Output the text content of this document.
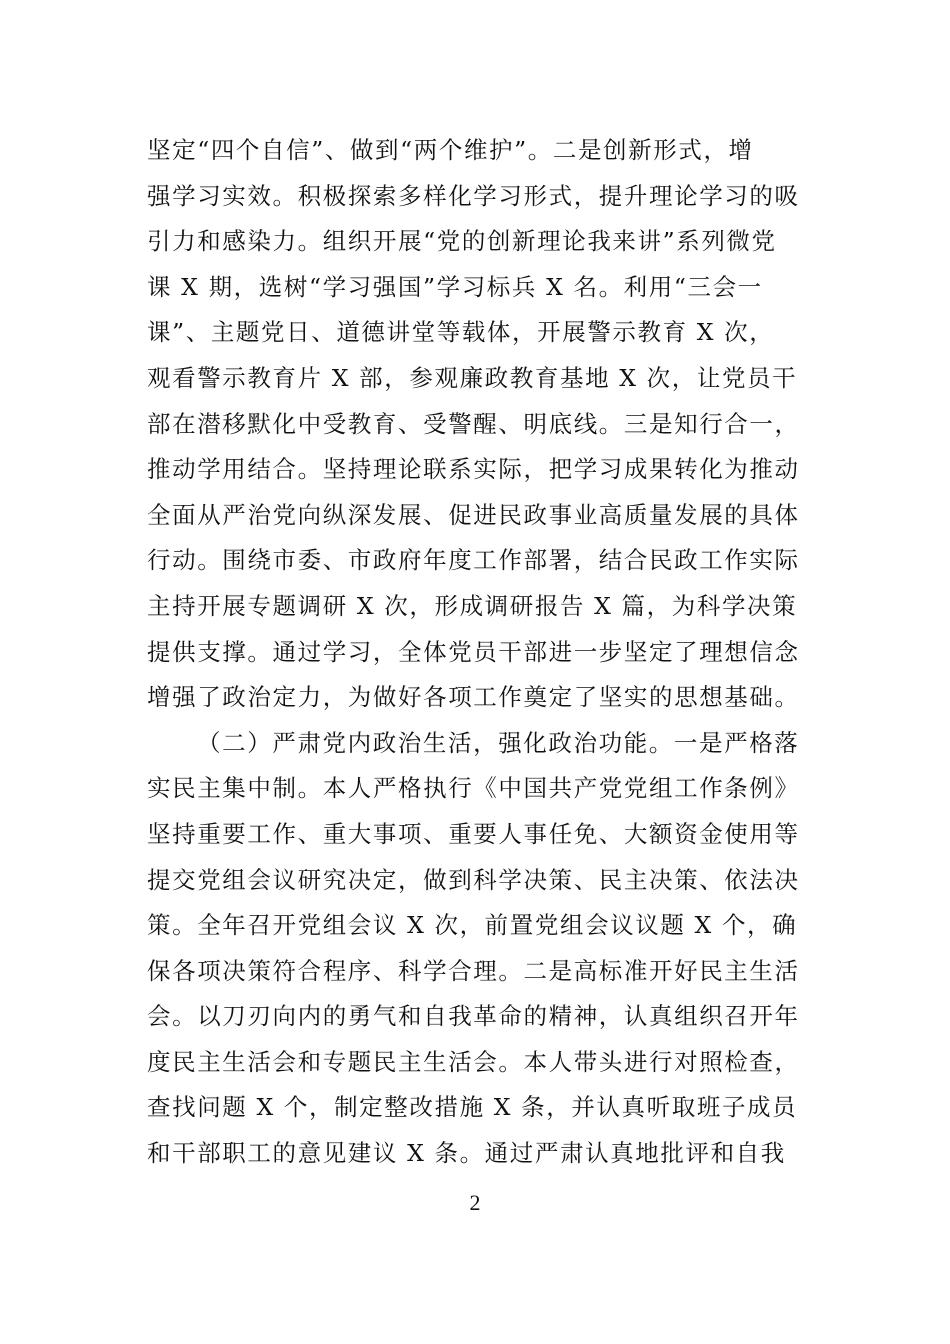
坚定“四个自信”、做到“两个维护”。二是创新形式，增
强学习实效。积极探索多样化学习形式，提升理论学习的吸
引力和感染力。组织开展“党的创新理论我来讲”系列微党
课 X 期，选树“学习强国”学习标兵 X 名。利用“三会一
课”、主题党日、道德讲堂等载体，开展警示教育 X 次，
观看警示教育片 X 部，参观廉政教育基地 X 次，让党员干
部在潜移默化中受教育、受警醒、明底线。三是知行合一，
推动学用结合。坚持理论联系实际，把学习成果转化为推动
全面从严治党向纵深发展、促进民政事业高质量发展的具体
行动。围绕市委、市政府年度工作部署，结合民政工作实际
主持开展专题调研 X 次，形成调研报告 X 篇，为科学决策
提供支撑。通过学习，全体党员干部进一步坚定了理想信念
增强了政治定力，为做好各项工作奠定了坚实的思想基础。
（二）严肃党内政治生活，强化政治功能。一是严格落
实民主集中制。本人严格执行《中国共产党党组工作条例》
坚持重要工作、重大事项、重要人事任免、大额资金使用等
提交党组会议研究决定，做到科学决策、民主决策、依法决
策。全年召开党组会议 X 次，前置党组会议议题 X 个，确
保各项决策符合程序、科学合理。二是高标准开好民主生活
会。以刀刃向内的勇气和自我革命的精神，认真组织召开年
度民主生活会和专题民主生活会。本人带头进行对照检查，
查找问题 X 个，制定整改措施 X 条，并认真听取班子成员
和干部职工的意见建议 X 条。通过严肃认真地批评和自我
2
